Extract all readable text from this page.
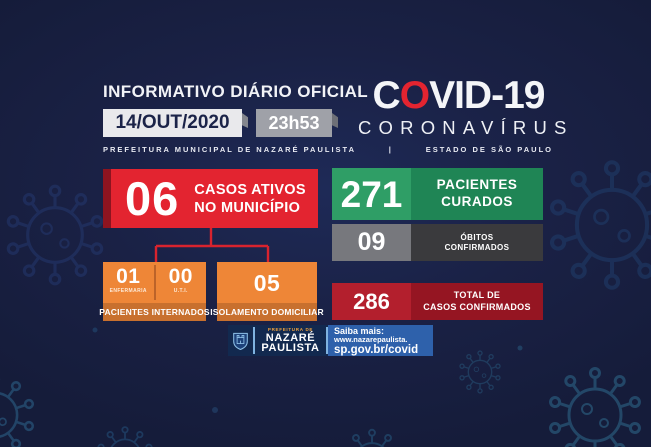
INFORMATIVO DIÁRIO OFICIAL
14/OUT/2020 23h53
COVID-19
CORONAVÍRUS
PREFEITURA MUNICIPAL DE NAZARÉ PAULISTA	|	ESTADO DE SÃO PAULO
06 CASOS ATIVOS
NO MUNICÍPIO
01
ENFERMARIA
00
U.T.I.
PACIENTES INTERNADOS
05
ISOLAMENTO DOMICILIAR
271	PACIENTES
CURADOS
09	ÓBITOS
CONFIRMADOS
286	TOTAL DE
CASOS CONFIRMADOS
PREFEITURA DE
NAZARÉ
PAULISTA
Saiba mais:
www.nazarepaulista.
sp.gov.br/covid
